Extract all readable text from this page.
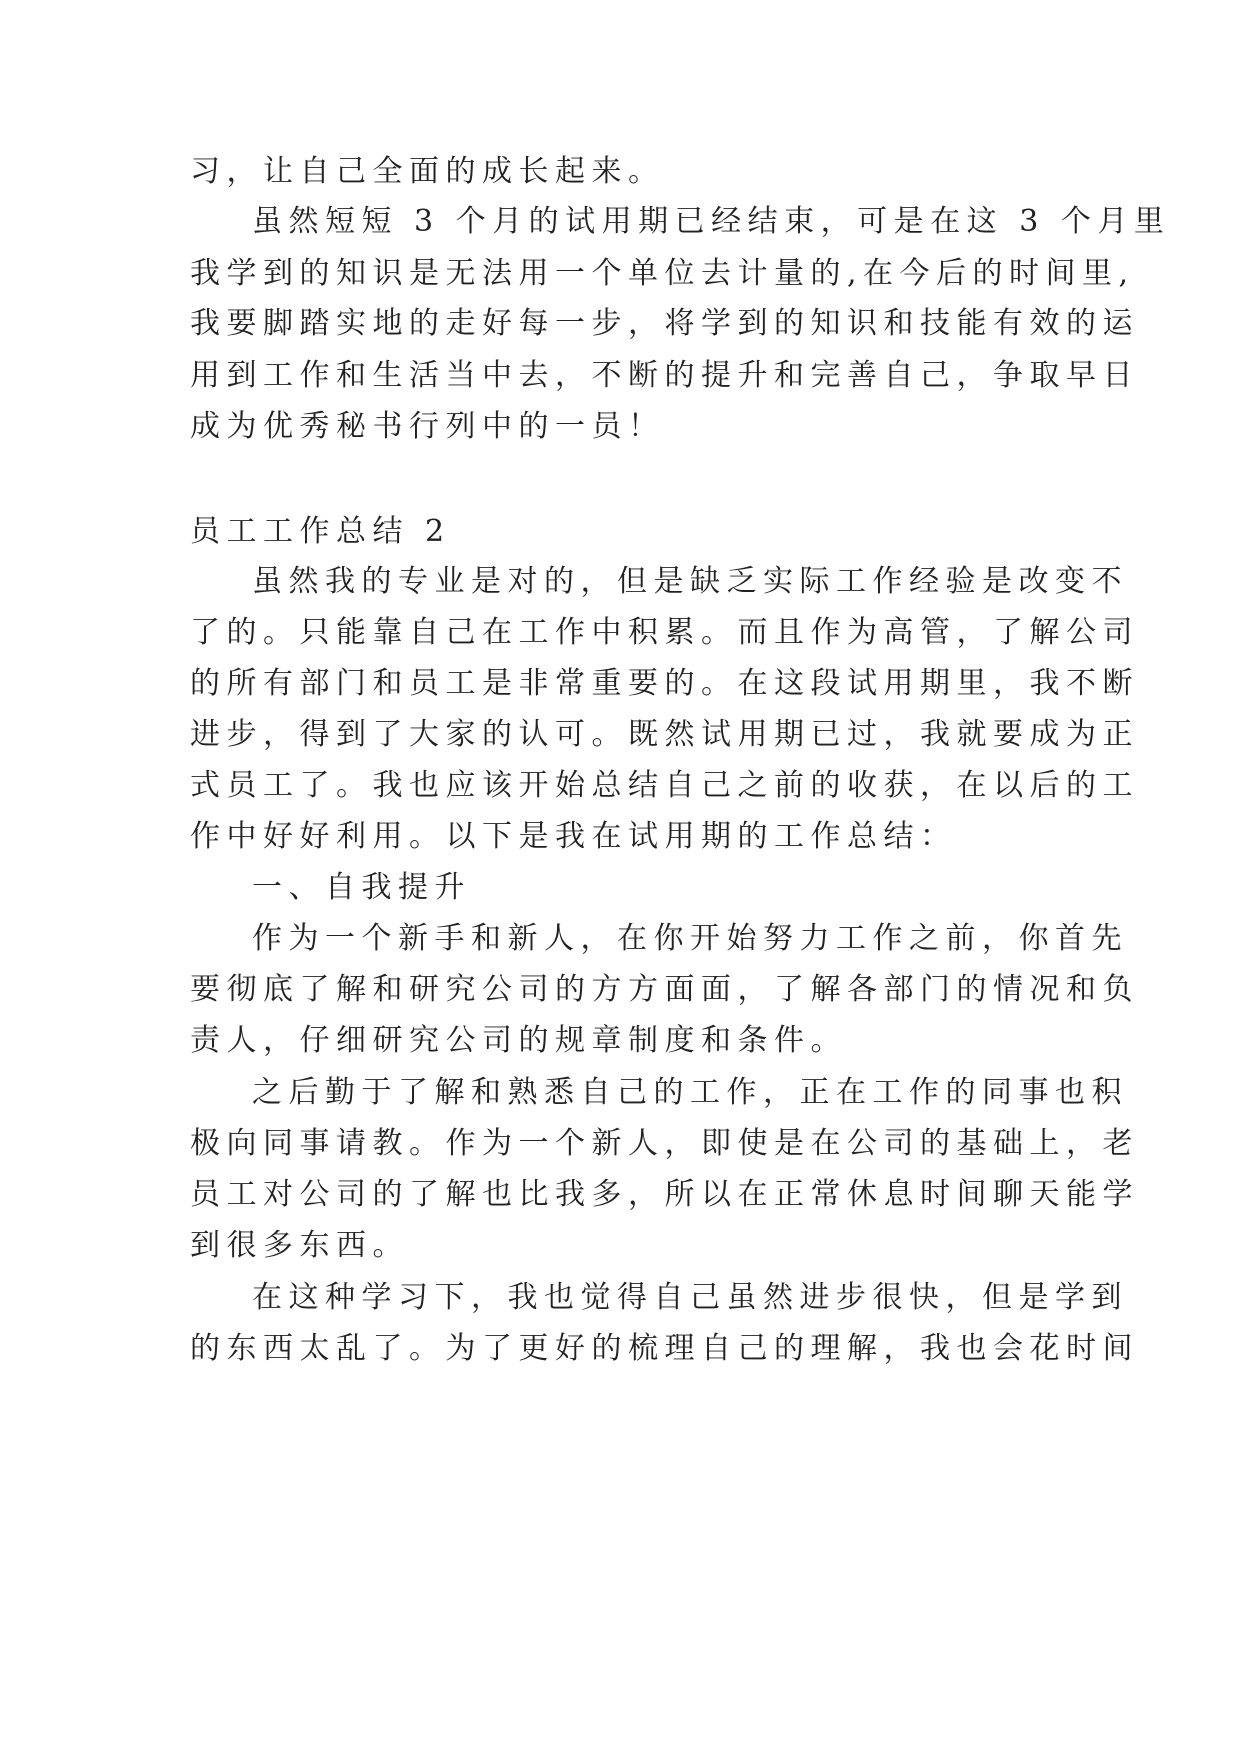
习，让自己全面的成长起来。
虽然短短 3 个月的试用期已经结束，可是在这 3 个月里
我学到的知识是无法用一个单位去计量的,在今后的时间里,
我要脚踏实地的走好每一步，将学到的知识和技能有效的运
用到工作和生活当中去，不断的提升和完善自己，争取早日
成为优秀秘书行列中的一员！
员工工作总结 2
虽然我的专业是对的，但是缺乏实际工作经验是改变不
了的。只能靠自己在工作中积累。而且作为高管，了解公司
的所有部门和员工是非常重要的。在这段试用期里，我不断
进步，得到了大家的认可。既然试用期已过，我就要成为正
式员工了。我也应该开始总结自己之前的收获，在以后的工
作中好好利用。以下是我在试用期的工作总结：
一、自我提升
作为一个新手和新人，在你开始努力工作之前，你首先
要彻底了解和研究公司的方方面面，了解各部门的情况和负
责人，仔细研究公司的规章制度和条件。
之后勤于了解和熟悉自己的工作，正在工作的同事也积
极向同事请教。作为一个新人，即使是在公司的基础上，老
员工对公司的了解也比我多，所以在正常休息时间聊天能学
到很多东西。
在这种学习下，我也觉得自己虽然进步很快，但是学到
的东西太乱了。为了更好的梳理自己的理解，我也会花时间
